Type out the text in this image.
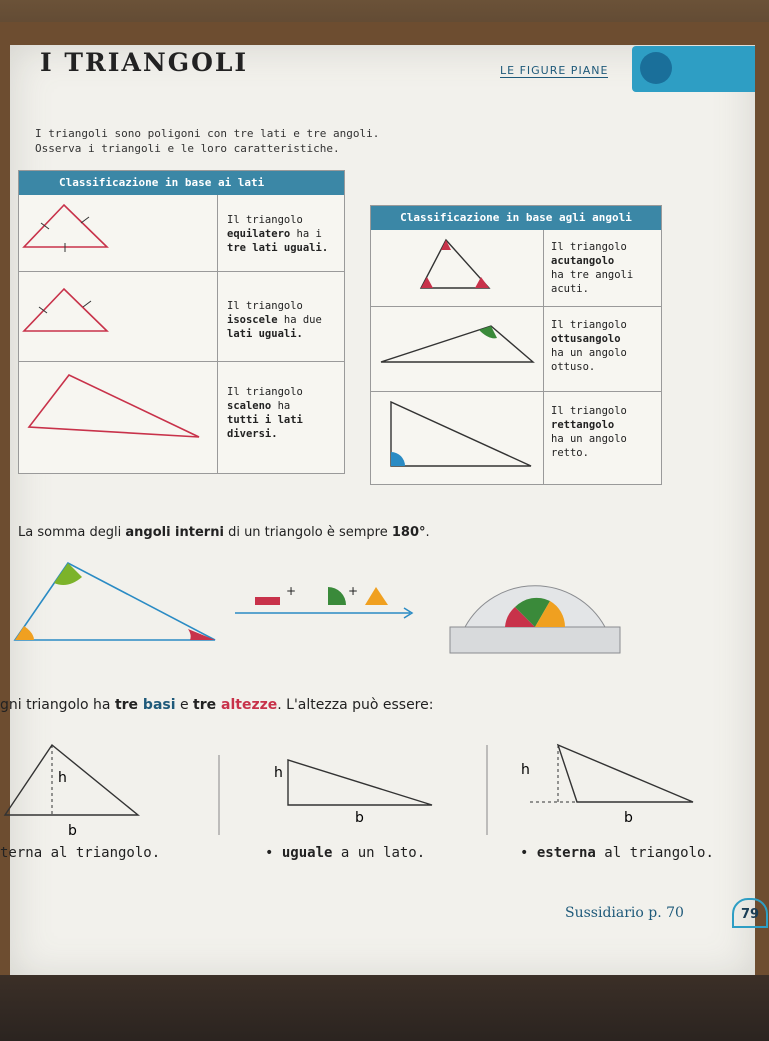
I TRIANGOLI	LE FIGURE PIANE
I triangoli sono poligoni con tre lati e tre angoli.
Osserva i triangoli e le loro caratteristiche.
Classificazione in base ai lati
Il triangolo
equilatero ha i
tre lati uguali.
Il triangolo
isoscele ha due
lati uguali.
Il triangolo
scaleno ha
tutti i lati
diversi.
Classificazione in base agli angoli
Il triangolo
acutangolo
ha tre angoli
acuti.
Il triangolo
ottusangolo
ha un angolo
ottuso.
Il triangolo
rettangolo
ha un angolo
retto.
La somma degli angoli interni di un triangolo è sempre 180°.
+	+
gni triangolo ha tre basi e tre altezze. L'altezza può essere:
h
b
h
b
h
b
terna al triangolo.	• uguale a un lato.	• esterna al triangolo.
Sussidiario p. 70	79
